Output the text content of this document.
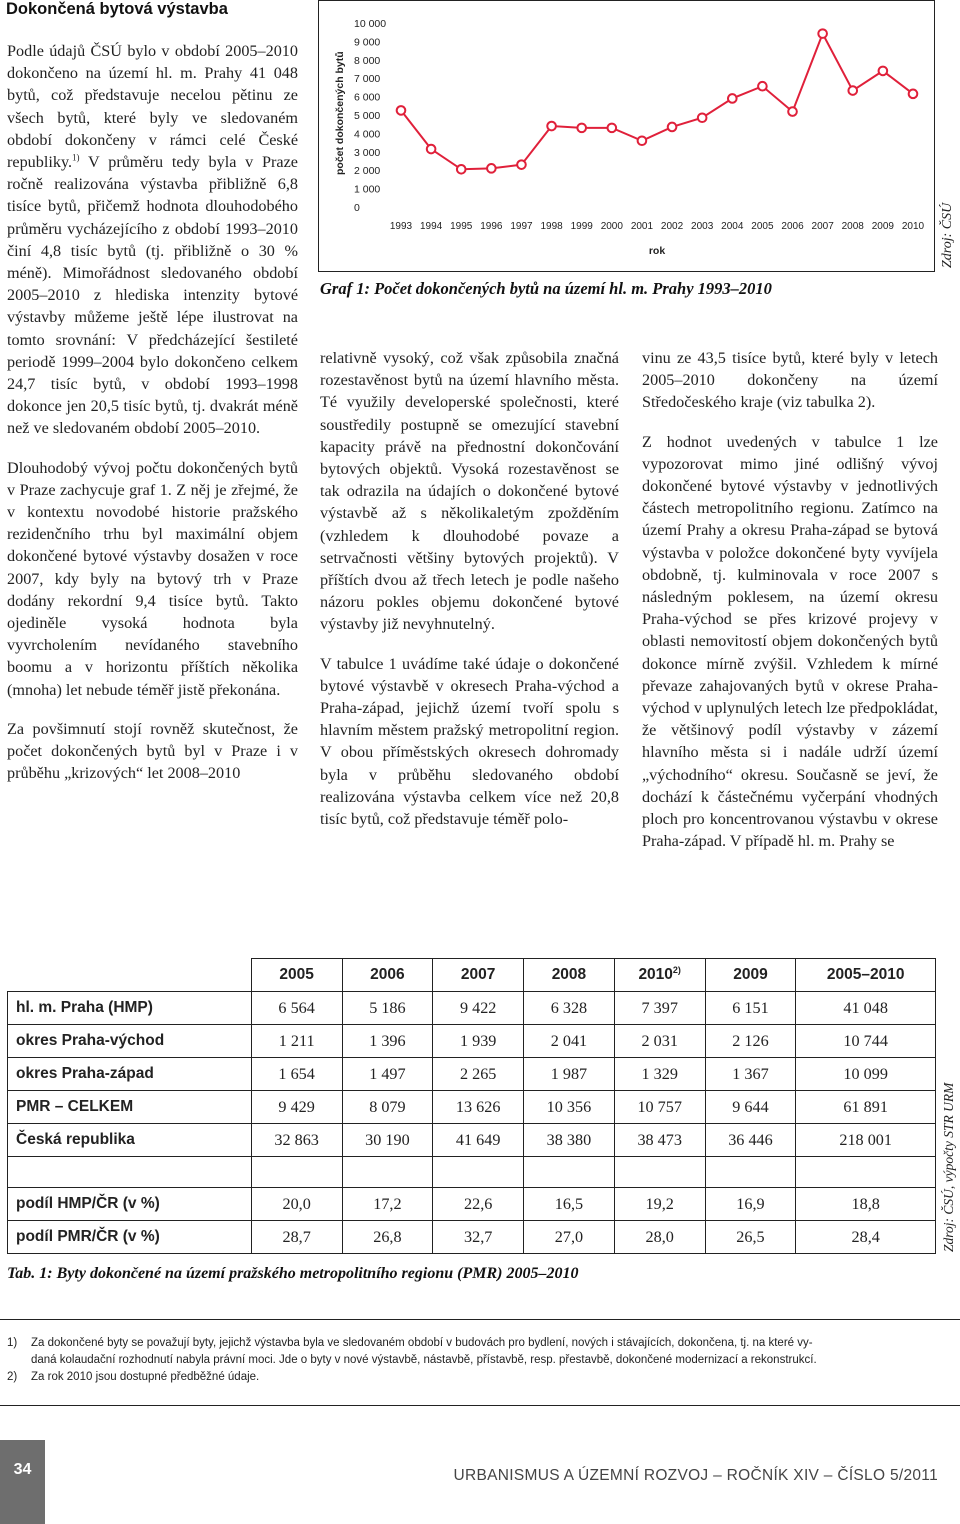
Dokončená bytová výstavba

Podle údajů ČSÚ bylo v období 2005–2010 dokončeno na území hl. m. Prahy 41 048 bytů, což představuje necelou pětinu ze všech bytů, které byly ve sledovaném období dokončeny v rámci celé České republiky.$^{1)}$ V průměru tedy byla v Praze ročně realizována výstavba přibližně 6,8 tisíce bytů, přičemž hodnota dlouhodobého průměru vycházejícího z období 1993–2010 činí 4,8 tisíc bytů (tj. přibližně o 30 % méně). Mimořádnost sledovaného období 2005–2010 z hlediska intenzity bytové výstavby můžeme ještě lépe ilustrovat na tomto srovnání: V předcházející šestileté periodě 1999–2004 bylo dokončeno celkem 24,7 tisíc bytů, v období 1993–1998 dokonce jen 20,5 tisíc bytů, tj. dvakrát méně než ve sledovaném období 2005–2010.

Dlouhodobý vývoj počtu dokončených bytů v Praze zachycuje graf 1. Z něj je zřejmé, že v kontextu novodobé historie pražského rezidenčního trhu byl maximální objem dokončené bytové výstavby dosažen v roce 2007, kdy byly na bytový trh v Praze dodány rekordní 9,4 tisíce bytů. Takto ojediněle vysoká hodnota byla vyvrcholením nevídaného stavebního boomu a v horizontu příštích několika (mnoha) let nebude téměř jistě překonána.

Za povšimnutí stojí rovněž skutečnost, že počet dokončených bytů byl v Praze i v průběhu „krizových“ let 2008–2010

0
1 000
2 000
3 000
4 000
5 000
6 000
7 000
8 000
9 000
10 000
počet dokončených bytů
1993 1994 1995 1996 1997 1998 1999 2000 2001 2002 2003 2004 2005 2006 2007 2008 2009 2010
rok
Graf 1: Počet dokončených bytů na území hl. m. Prahy 1993–2010
Zdroj: ČSÚ

relativně vysoký, což však způsobila značná rozestavěnost bytů na území hlavního města. Té využily developerské společnosti, které soustředily postupně se omezující stavební kapacity právě na přednostní dokončování bytových objektů. Vysoká rozestavěnost se tak odrazila na údajích o dokončené bytové výstavbě až s několikaletým zpožděním (vzhledem k dlouhodobé povaze a setrvačnosti většiny bytových projektů). V příštích dvou až třech letech je podle našeho názoru pokles objemu dokončené bytové výstavby již nevyhnutelný.

V tabulce 1 uvádíme také údaje o dokončené bytové výstavbě v okresech Praha-východ a Praha-západ, jejichž území tvoří spolu s hlavním městem pražský metropolitní region. V obou příměstských okresech dohromady byla v průběhu sledovaného období realizována výstavba celkem více než 20,8 tisíc bytů, což představuje téměř polo-

vinu ze 43,5 tisíce bytů, které byly v letech 2005–2010 dokončeny na území Středočeského kraje (viz tabulka 2).

Z hodnot uvedených v tabulce 1 lze vypozorovat mimo jiné odlišný vývoj dokončené bytové výstavby v jednotlivých částech metropolitního regionu. Zatímco na území Prahy a okresu Praha-západ se bytová výstavba v položce dokončené byty vyvíjela obdobně, tj. kulminovala v roce 2007 s následným poklesem, na území okresu Praha-východ se přes krizové projevy v oblasti nemovitostí objem dokončených bytů dokonce mírně zvýšil. Vzhledem k mírné převaze zahajovaných bytů v okrese Praha-východ v uplynulých letech lze předpokládat, že většinový podíl výstavby v zázemí hlavního města si i nadále udrží území „východního“ okresu. Současně se jeví, že dochází k částečnému vyčerpání vhodných ploch pro koncentrovanou výstavbu v okrese Praha-západ. V případě hl. m. Prahy se

	2005	2006	2007	2008	2010$^{2)}$	2009	2005–2010
hl. m. Praha (HMP)	6 564	5 186	9 422	6 328	7 397	6 151	41 048
okres Praha-východ	1 211	1 396	1 939	2 041	2 031	2 126	10 744
okres Praha-západ	1 654	1 497	2 265	1 987	1 329	1 367	10 099
PMR – CELKEM	9 429	8 079	13 626	10 356	10 757	9 644	61 891
Česká republika	32 863	30 190	41 649	38 380	38 473	36 446	218 001

podíl HMP/ČR (v %)	20,0	17,2	22,6	16,5	19,2	16,9	18,8
podíl PMR/ČR (v %)	28,7	26,8	32,7	27,0	28,0	26,5	28,4
Tab. 1: Byty dokončené na území pražského metropolitního regionu (PMR) 2005–2010
Zdroj: ČSÚ, výpočty STR URM
1) Za dokončené byty se považují byty, jejichž výstavba byla ve sledovaném období v budovách pro bydlení, nových i stávajících, dokončena, tj. na které vy-
daná kolaudační rozhodnutí nabyla právní moci. Jde o byty v nové výstavbě, nástavbě, přístavbě, resp. přestavbě, dokončené modernizací a rekonstrukcí.
2) Za rok 2010 jsou dostupné předběžné údaje.
34	URBANISMUS A ÚZEMNÍ ROZVOJ – ROČNÍK XIV – ČÍSLO 5/2011
